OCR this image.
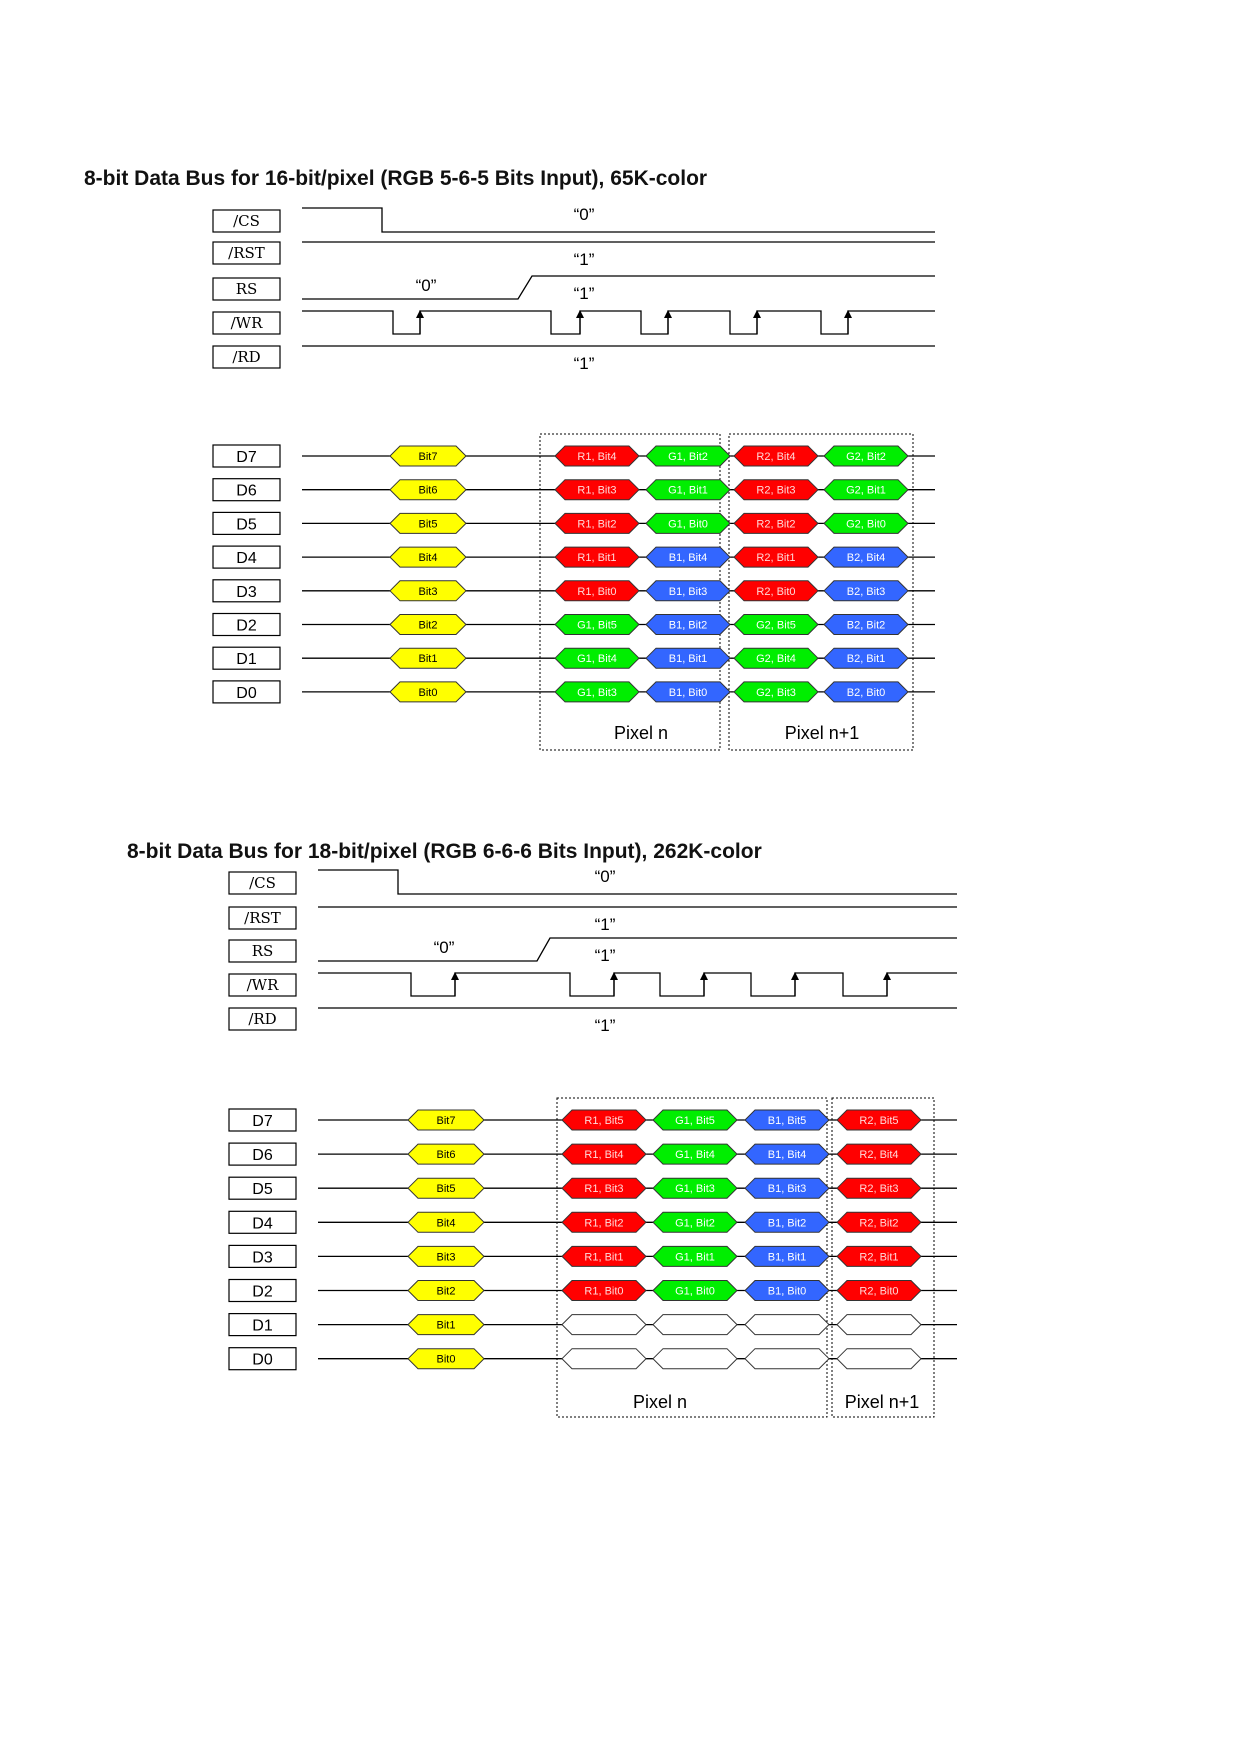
8-bit Data Bus for 16-bit/pixel (RGB 5-6-5 Bits Input), 65K-color
8-bit Data Bus for 18-bit/pixel (RGB 6-6-6 Bits Input), 262K-color
/CS
/RST
RS
/WR
/RD
“0”
“1”
“0”	“1”
“1”
D7	Bit7	R1, Bit4	G1, Bit2	R2, Bit4	G2, Bit2
D6	Bit6	R1, Bit3	G1, Bit1	R2, Bit3	G2, Bit1
D5	Bit5	R1, Bit2	G1, Bit0	R2, Bit2	G2, Bit0
D4	Bit4	R1, Bit1	B1, Bit4	R2, Bit1	B2, Bit4
D3	Bit3	R1, Bit0	B1, Bit3	R2, Bit0	B2, Bit3
D2	Bit2	G1, Bit5	B1, Bit2	G2, Bit5	B2, Bit2
D1	Bit1	G1, Bit4	B1, Bit1	G2, Bit4	B2, Bit1
D0	Bit0	G1, Bit3	B1, Bit0	G2, Bit3	B2, Bit0
Pixel n	Pixel n+1
/CS
/RST
RS
/WR
/RD
“0”
“1”
“0”	“1”
“1”
D7	Bit7	R1, Bit5	G1, Bit5	B1, Bit5	R2, Bit5
D6	Bit6	R1, Bit4	G1, Bit4	B1, Bit4	R2, Bit4
D5	Bit5	R1, Bit3	G1, Bit3	B1, Bit3	R2, Bit3
D4	Bit4	R1, Bit2	G1, Bit2	B1, Bit2	R2, Bit2
D3	Bit3	R1, Bit1	G1, Bit1	B1, Bit1	R2, Bit1
D2	Bit2	R1, Bit0	G1, Bit0	B1, Bit0	R2, Bit0
D1	Bit1
D0	Bit0
Pixel n	Pixel n+1
